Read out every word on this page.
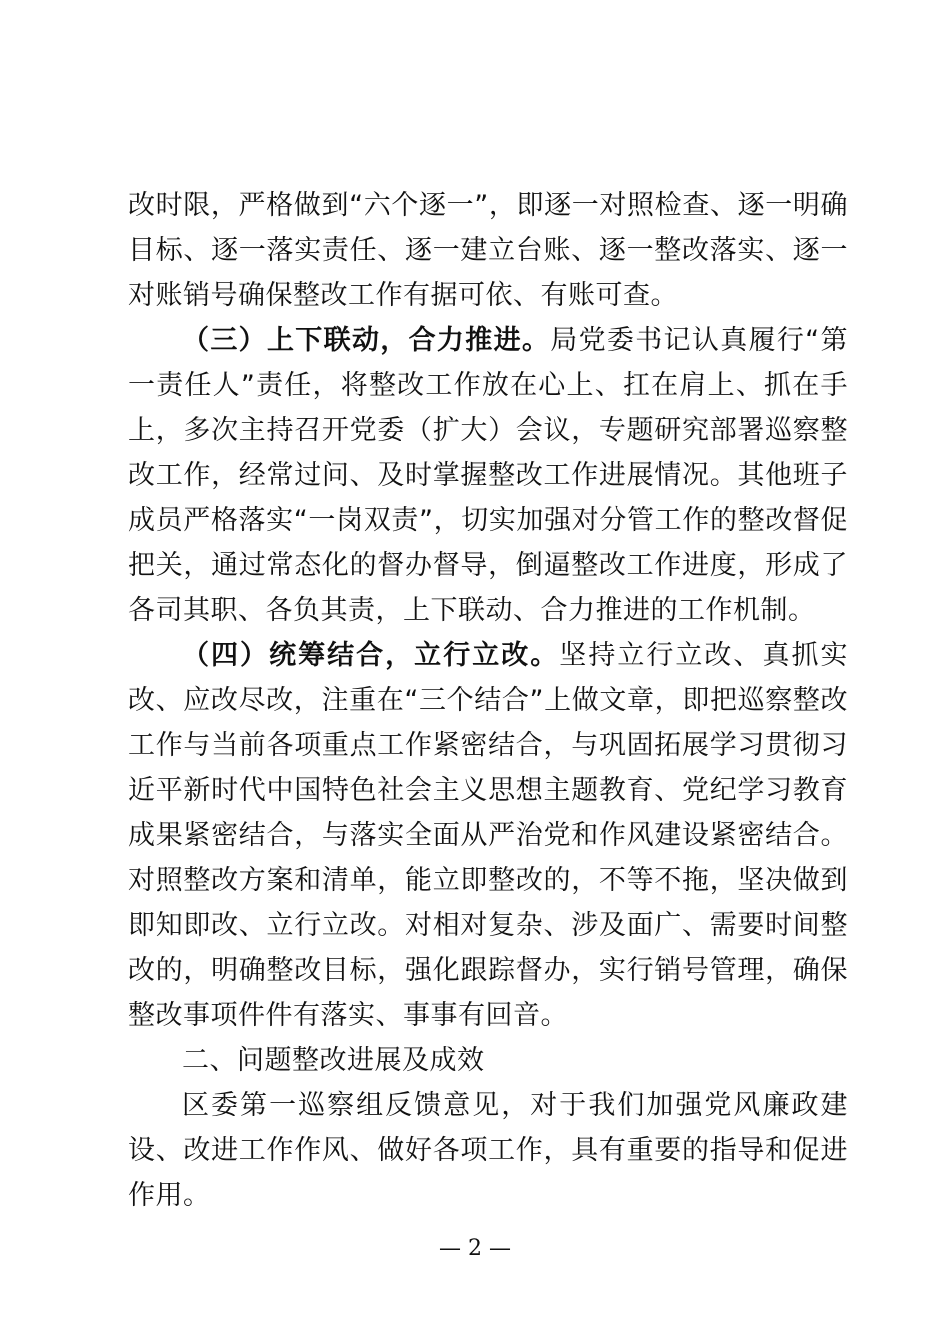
改时限，严格做到“六个逐一”，即逐一对照检查、逐一明确目标、逐一落实责任、逐一建立台账、逐一整改落实、逐一对账销号确保整改工作有据可依、有账可查。

（三）上下联动，合力推进。局党委书记认真履行“第一责任人”责任，将整改工作放在心上、扛在肩上、抓在手上，多次主持召开党委（扩大）会议，专题研究部署巡察整改工作，经常过问、及时掌握整改工作进展情况。其他班子成员严格落实“一岗双责”，切实加强对分管工作的整改督促把关，通过常态化的督办督导，倒逼整改工作进度，形成了各司其职、各负其责，上下联动、合力推进的工作机制。

（四）统筹结合，立行立改。坚持立行立改、真抓实改、应改尽改，注重在“三个结合”上做文章，即把巡察整改工作与当前各项重点工作紧密结合，与巩固拓展学习贯彻习近平新时代中国特色社会主义思想主题教育、党纪学习教育成果紧密结合，与落实全面从严治党和作风建设紧密结合。对照整改方案和清单，能立即整改的，不等不拖，坚决做到即知即改、立行立改。对相对复杂、涉及面广、需要时间整改的，明确整改目标，强化跟踪督办，实行销号管理，确保整改事项件件有落实、事事有回音。

二、问题整改进展及成效

区委第一巡察组反馈意见，对于我们加强党风廉政建设、改进工作作风、做好各项工作，具有重要的指导和促进作用。

— 2 —
